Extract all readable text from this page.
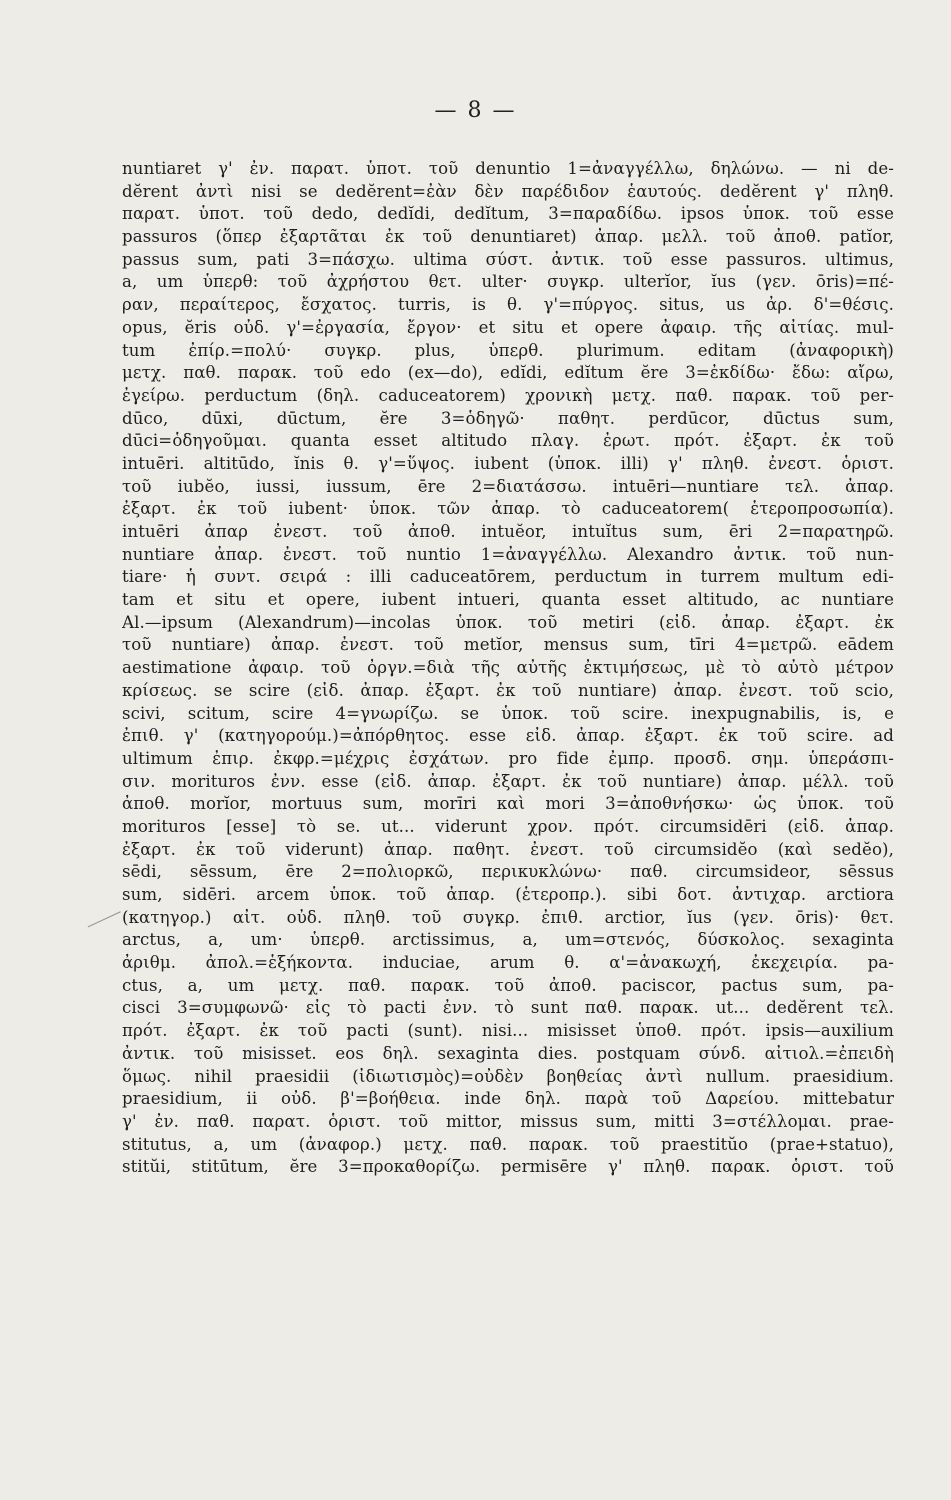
— 8 —
nuntiaret γ' ἐν. παρατ. ὑποτ. τοῦ denuntio 1=ἀναγγέλλω, δηλώνω. — ni de-
dĕrent ἀντὶ nisi se dedĕrent=ἐὰν δὲν παρέδιδον ἑαυτούς. dedĕrent γ' πληθ.
παρατ. ὑποτ. τοῦ dedo, dedĭdi, dedĭtum, 3=παραδίδω. ipsos ὑποκ. τοῦ esse
passuros (ὅπερ ἐξαρτᾶται ἐκ τοῦ denuntiaret) ἀπαρ. μελλ. τοῦ ἀποθ. patĭor,
passus sum, pati 3=πάσχω. ultima σύστ. ἀντικ. τοῦ esse passuros. ultimus,
a, um ὑπερθ: τοῦ ἀχρήστου θετ. ulter· συγκρ. ulterĭor, ĭus (γεν. ōris)=πέ-
ραν, περαίτερος, ἔσχατος. turris, is θ. γ'=πύργος. situs, us ἀρ. δ'=θέσις.
opus, ĕris οὐδ. γ'=ἐργασία, ἔργον· et situ et opere ἀφαιρ. τῆς αἰτίας. mul-
tum ἐπίρ.=πολύ· συγκρ. plus, ὑπερθ. plurimum. editam (ἀναφορικὴ)
μετχ. παθ. παρακ. τοῦ edo (ex—do), edĭdi, edĭtum ĕre 3=ἐκδίδω· ἔδω: αἴρω,
ἐγείρω. perductum (δηλ. caduceatorem) χρονικὴ μετχ. παθ. παρακ. τοῦ per-
dūco, dūxi, dūctum, ĕre 3=ὁδηγῶ· παθητ. perdūcor, dūctus sum,
dūci=ὁδηγοῦμαι. quanta esset altitudo πλαγ. ἐρωτ. πρότ. ἐξαρτ. ἐκ τοῦ
intuēri. altitūdo, ĭnis θ. γ'=ὕψος. iubent (ὑποκ. illi) γ' πληθ. ἐνεστ. ὁριστ.
τοῦ iubĕo, iussi, iussum, ēre 2=διατάσσω. intuēri—nuntiare τελ. ἀπαρ.
ἐξαρτ. ἐκ τοῦ iubent· ὑποκ. τῶν ἀπαρ. τὸ caduceatorem( ἑτεροπροσωπία).
intuēri ἀπαρ ἐνεστ. τοῦ ἀποθ. intuĕor, intuĭtus sum, ēri 2=παρατηρῶ.
nuntiare ἀπαρ. ἐνεστ. τοῦ nuntio 1=ἀναγγέλλω. Alexandro ἀντικ. τοῦ nun-
tiare· ἡ συντ. σειρά : illi caduceatōrem, perductum in turrem multum edi-
tam et situ et opere, iubent intueri, quanta esset altitudo, ac nuntiare
Al.—ipsum (Alexandrum)—incolas ὑποκ. τοῦ metiri (εἰδ. ἀπαρ. ἐξαρτ. ἐκ
τοῦ nuntiare) ἀπαρ. ἐνεστ. τοῦ metĭor, mensus sum, tīri 4=μετρῶ. eādem
aestimatione ἀφαιρ. τοῦ ὀργν.=διὰ τῆς αὐτῆς ἐκτιμήσεως, μὲ τὸ αὐτὸ μέτρον
κρίσεως. se scire (εἰδ. ἀπαρ. ἐξαρτ. ἐκ τοῦ nuntiare) ἀπαρ. ἐνεστ. τοῦ scio,
scivi, scitum, scire 4=γνωρίζω. se ὑποκ. τοῦ scire. inexpugnabilis, is, e
ἐπιθ. γ' (κατηγορούμ.)=ἀπόρθητος. esse εἰδ. ἀπαρ. ἐξαρτ. ἐκ τοῦ scire. ad
ultimum ἐπιρ. ἐκφρ.=μέχρις ἐσχάτων. pro fide ἐμπρ. προσδ. σημ. ὑπεράσπι-
σιν. morituros ἐνν. esse (εἰδ. ἀπαρ. ἐξαρτ. ἐκ τοῦ nuntiare) ἀπαρ. μέλλ. τοῦ
ἀποθ. morĭor, mortuus sum, morīri καὶ mori 3=ἀποθνήσκω· ὡς ὑποκ. τοῦ
morituros [esse] τὸ se. ut... viderunt χρον. πρότ. circumsidēri (εἰδ. ἀπαρ.
ἐξαρτ. ἐκ τοῦ viderunt) ἀπαρ. παθητ. ἐνεστ. τοῦ circumsidĕo (καὶ sedĕo),
sēdi, sēssum, ēre 2=πολιορκῶ, περικυκλώνω· παθ. circumsideor, sēssus
sum, sidēri. arcem ὑποκ. τοῦ ἀπαρ. (ἑτεροπρ.). sibi δοτ. ἀντιχαρ. arctiora
(κατηγορ.) αἰτ. οὐδ. πληθ. τοῦ συγκρ. ἐπιθ. arctior, ĭus (γεν. ōris)· θετ.
arctus, a, um· ὑπερθ. arctissimus, a, um=στενός, δύσκολος. sexaginta
ἀριθμ. ἀπολ.=ἑξήκοντα. induciae, arum θ. α'=ἀνακωχή, ἐκεχειρία. pa-
ctus, a, um μετχ. παθ. παρακ. τοῦ ἀποθ. paciscor, pactus sum, pa-
cisci 3=συμφωνῶ· εἰς τὸ pacti ἐνν. τὸ sunt παθ. παρακ. ut... dedĕrent τελ.
πρότ. ἐξαρτ. ἐκ τοῦ pacti (sunt). nisi... misisset ὑποθ. πρότ. ipsis—auxilium
ἀντικ. τοῦ misisset. eos δηλ. sexaginta dies. postquam σύνδ. αἰτιολ.=ἐπειδὴ
ὅμως. nihil praesidii (ἰδιωτισμὸς)=οὐδὲν βοηθείας ἀντὶ nullum. praesidium.
praesidium, ii οὐδ. β'=βοήθεια. inde δηλ. παρὰ τοῦ Δαρείου. mittebatur
γ' ἐν. παθ. παρατ. ὁριστ. τοῦ mittor, missus sum, mitti 3=στέλλομαι. prae-
stitutus, a, um (ἀναφορ.) μετχ. παθ. παρακ. τοῦ praestitŭo (prae+statuo),
stitŭi, stitūtum, ĕre 3=προκαθορίζω. permisēre γ' πληθ. παρακ. ὁριστ. τοῦ
